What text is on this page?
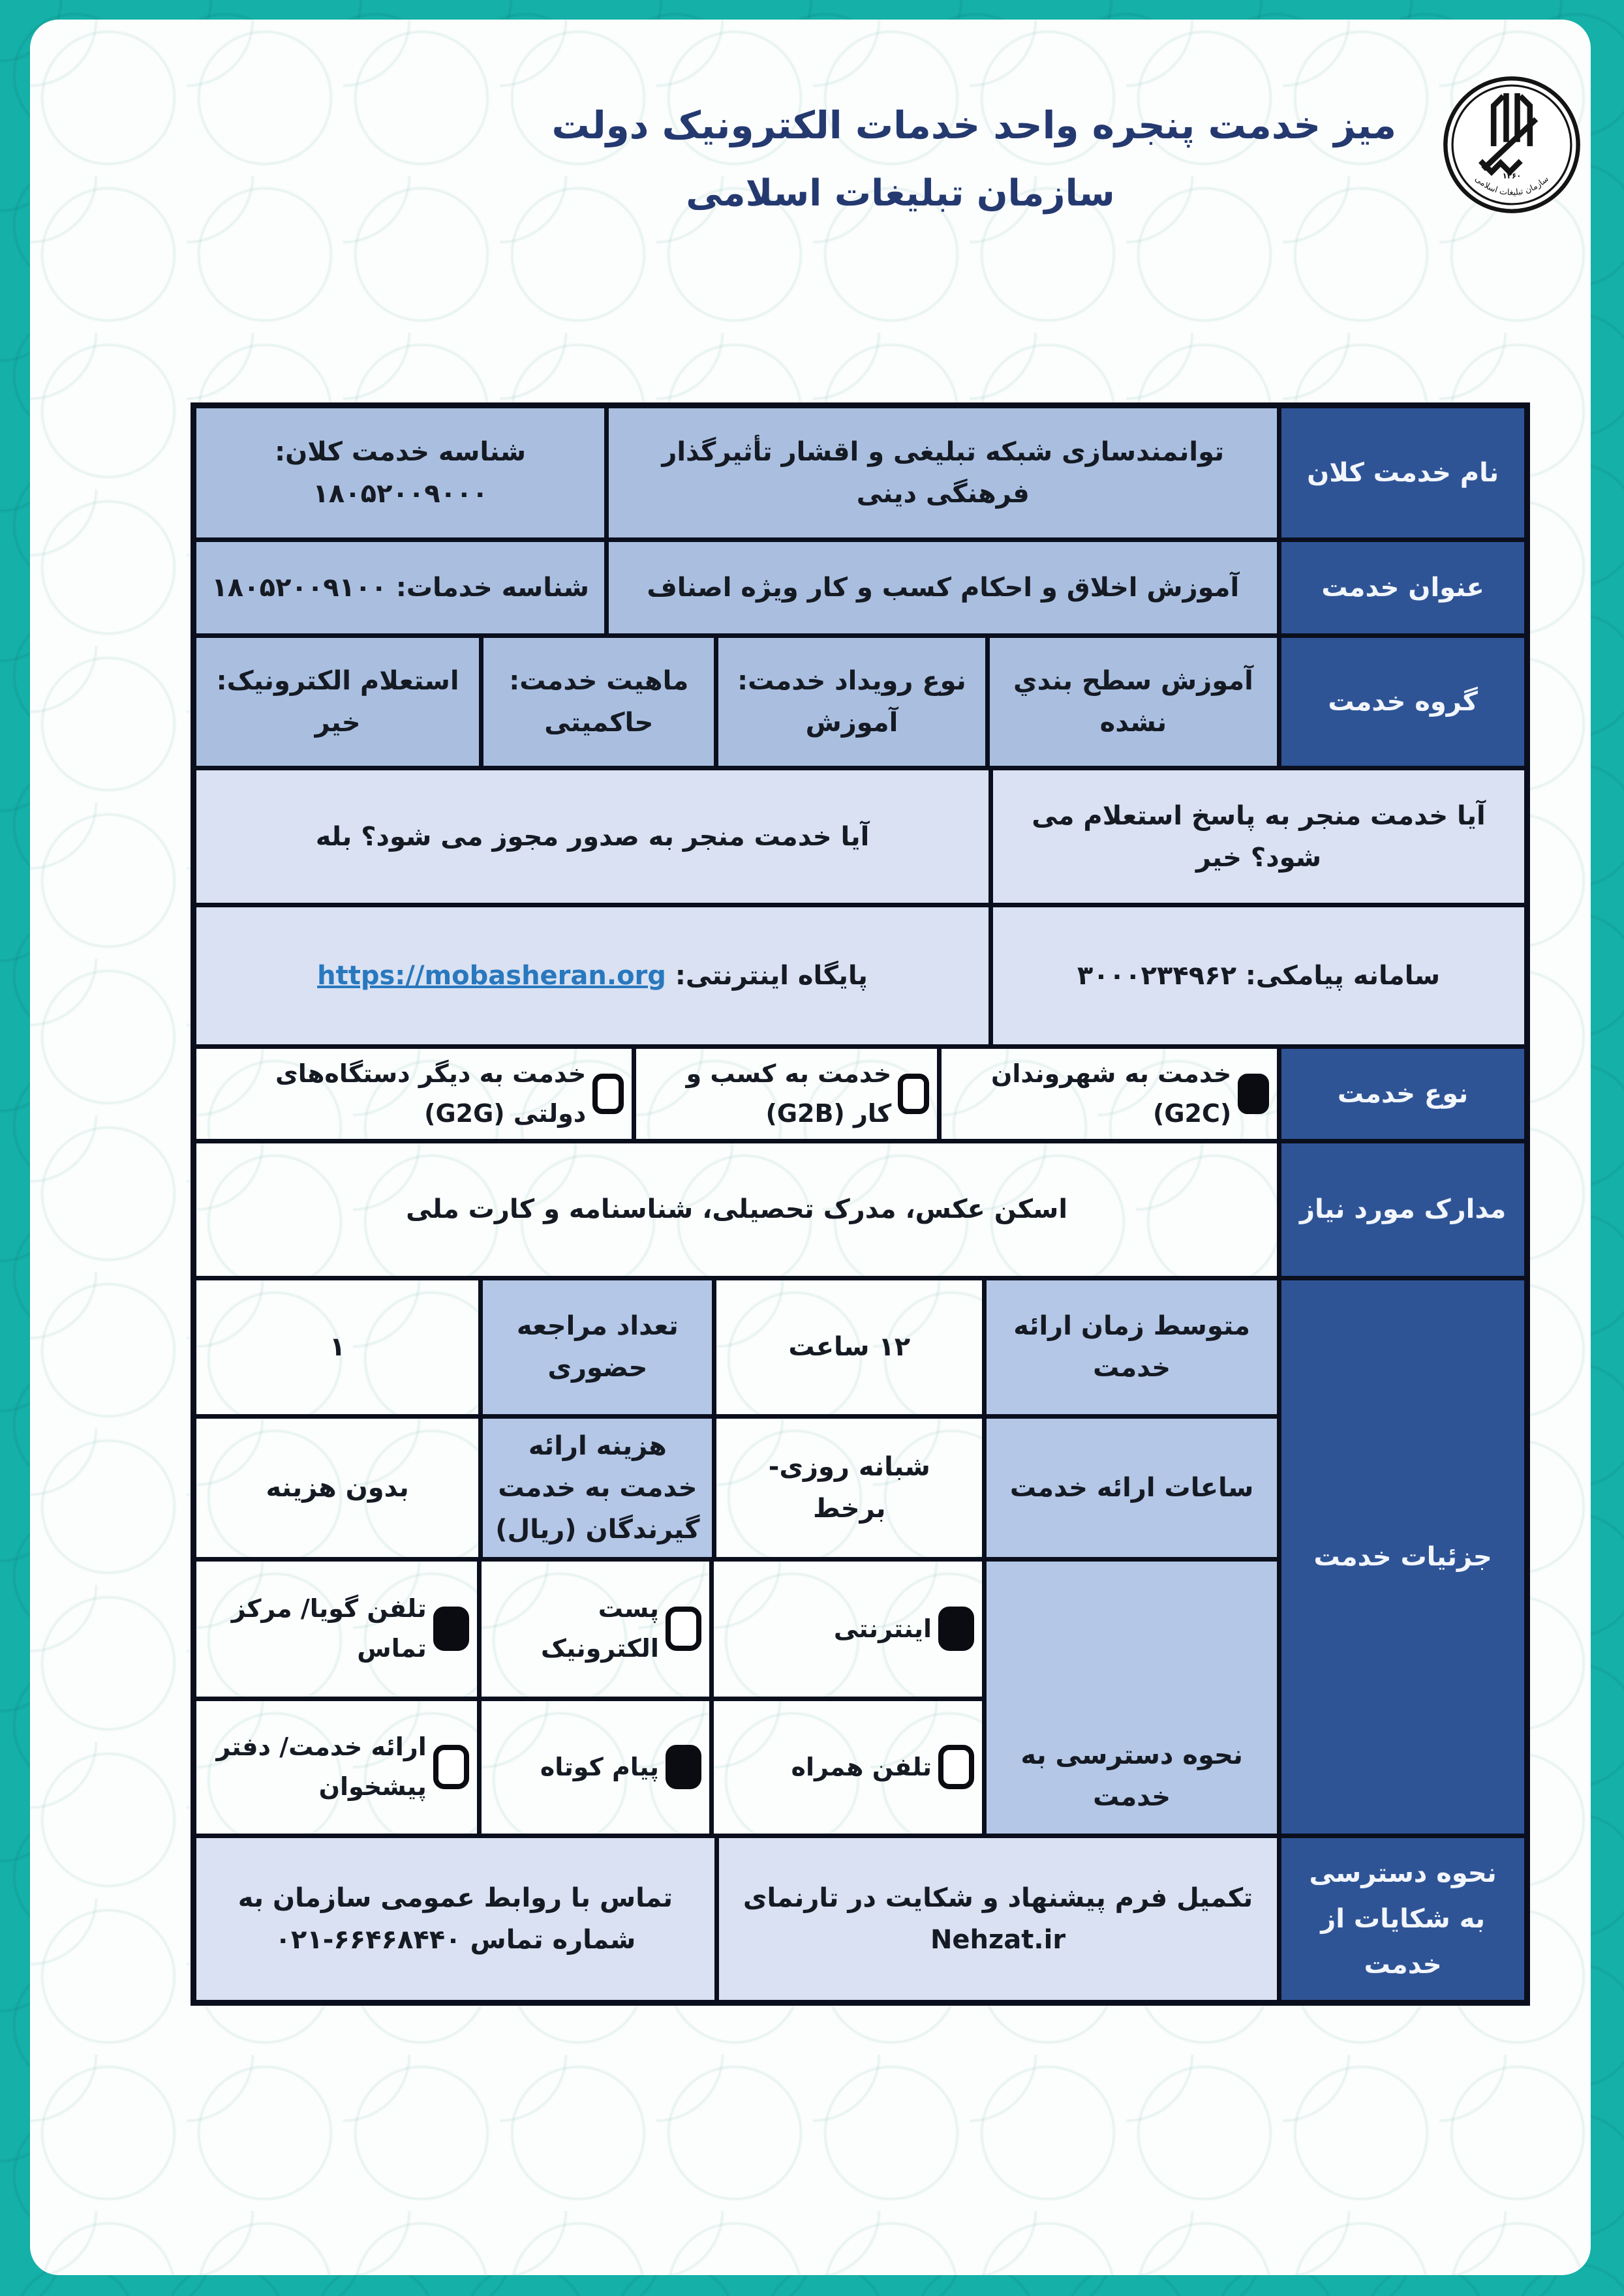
میز خدمت پنجره واحد خدمات الکترونیک دولت
سازمان تبلیغات اسلامی	۱۳۶۰
سازمان تبلیغات اسلامی
نام خدمت کلان
توانمندسازی شبکه تبلیغی و اقشار تأثیرگذار فرهنگی دینی
شناسه خدمت کلان: ۱۸۰۵۲۰۰۹۰۰۰
عنوان خدمت
آموزش اخلاق و احکام کسب و کار ویژه اصناف
شناسه خدمات: ۱۸۰۵۲۰۰۹۱۰۰
گروه خدمت
آموزش سطح بندي نشده
نوع رویداد خدمت: آموزش
ماهیت خدمت: حاکمیتی
استعلام الکترونیک: خیر
آیا خدمت منجر به پاسخ استعلام می شود؟ خیر
آیا خدمت منجر به صدور مجوز می شود؟ بله
سامانه پیامکی: ۳۰۰۰۲۳۴۹۶۲
پایگاه اینترنتی:
https://mobasheran.org
نوع خدمت
خدمت به شهروندان (G2C)
خدمت به کسب و کار (G2B)
خدمت به دیگر دستگاه‌های دولتی (G2G)
مدارک مورد نیاز
اسکن عکس، مدرک تحصیلی، شناسنامه و کارت ملی
جزئیات خدمت
متوسط زمان ارائه خدمت
۱۲ ساعت
تعداد مراجعه حضوری
۱
ساعات ارائه خدمت
شبانه روزی- برخط
هزینه ارائه خدمت به خدمت گیرندگان (ریال)
بدون هزینه
نحوه دسترسی به خدمت
اینترنتی
پست الکترونیک
تلفن گویا/ مرکز تماس
تلفن همراه
پیام کوتاه
ارائه خدمت/ دفتر پیشخوان
نحوه دسترسی به شکایات از خدمت
تکمیل فرم پیشنهاد و شکایت در تارنمای Nehzat.ir
تماس با روابط عمومی سازمان به شماره تماس ۶۶۴۶۸۴۴۰-۰۲۱
